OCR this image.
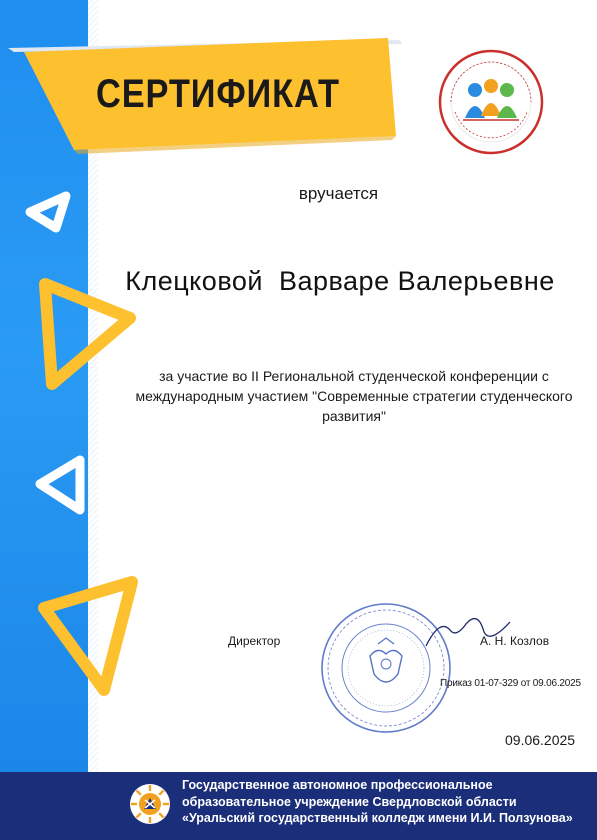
СЕРТИФИКАТ
вручается
Клецковой  Варваре Валерьевне
за участие во II Региональной студенческой конференции с
международным участием "Современные стратегии студенческого
развития"
Директор	А. Н. Козлов
Приказ 01-07-329 от 09.06.2025
09.06.2025
Государственное автономное профессиональное
образовательное учреждение Свердловской области
«Уральский государственный колледж имени И.И. Ползунова»
